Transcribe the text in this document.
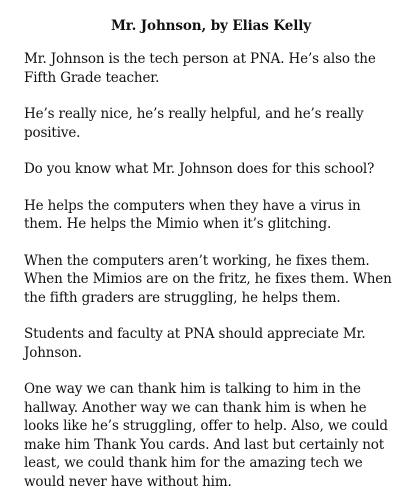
Mr. Johnson, by Elias Kelly

Mr. Johnson is the tech person at PNA. He’s also the Fifth Grade teacher.

He’s really nice, he’s really helpful, and he’s really positive.

Do you know what Mr. Johnson does for this school?

He helps the computers when they have a virus in them. He helps the Mimio when it’s glitching.

When the computers aren’t working, he fixes them. When the Mimios are on the fritz, he fixes them. When the fifth graders are struggling, he helps them.

Students and faculty at PNA should appreciate Mr. Johnson.

One way we can thank him is talking to him in the hallway. Another way we can thank him is when he looks like he’s struggling, offer to help. Also, we could make him Thank You cards. And last but certainly not least, we could thank him for the amazing tech we would never have without him.
